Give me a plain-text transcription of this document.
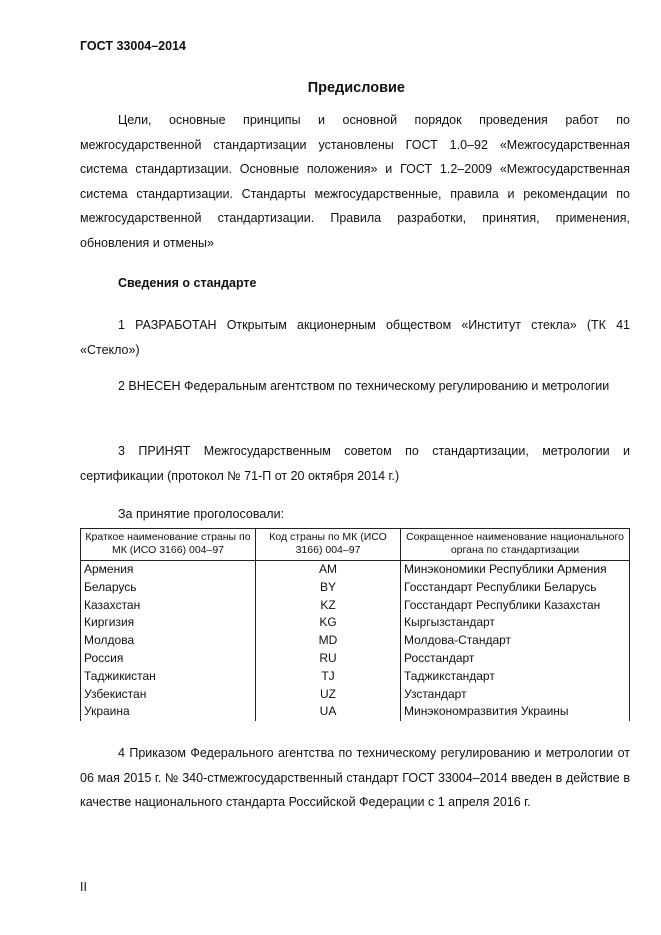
ГОСТ 33004–2014
Предисловие

Цели, основные принципы и основной порядок проведения работ по межгосударственной стандартизации установлены ГОСТ 1.0–92 «Межгосударственная система стандартизации. Основные положения» и ГОСТ 1.2–2009 «Межгосударственная система стандартизации. Стандарты межгосударственные, правила и рекомендации по межгосударственной стандартизации. Правила разработки, принятия, применения, обновления и отмены»

Сведения о стандарте

1 РАЗРАБОТАН Открытым акционерным обществом «Институт стекла» (ТК 41 «Стекло»)

2 ВНЕСЕН Федеральным агентством по техническому регулированию и метрологии

3 ПРИНЯТ Межгосударственным советом по стандартизации, метрологии и сертификации (протокол № 71-П от 20 октября 2014 г.)

За принятие проголосовали:
Краткое наименование страны по МК (ИСО 3166) 004–97	Код страны по МК (ИСО 3166) 004–97	Сокращенное наименование национального органа по стандартизации
Армения	AM	Минэкономики Республики Армения
Беларусь	BY	Госстандарт Республики Беларусь
Казахстан	KZ	Госстандарт Республики Казахстан
Киргизия	KG	Кыргызстандарт
Молдова	MD	Молдова-Стандарт
Россия	RU	Росстандарт
Таджикистан	TJ	Таджикстандарт
Узбекистан	UZ	Узстандарт
Украина	UA	Минэкономразвития Украины

4 Приказом Федерального агентства по техническому регулированию и метрологии от 06 мая 2015 г. № 340-стмежгосударственный стандарт ГОСТ 33004–2014 введен в действие в качестве национального стандарта Российской Федерации с 1 апреля 2016 г.

II
